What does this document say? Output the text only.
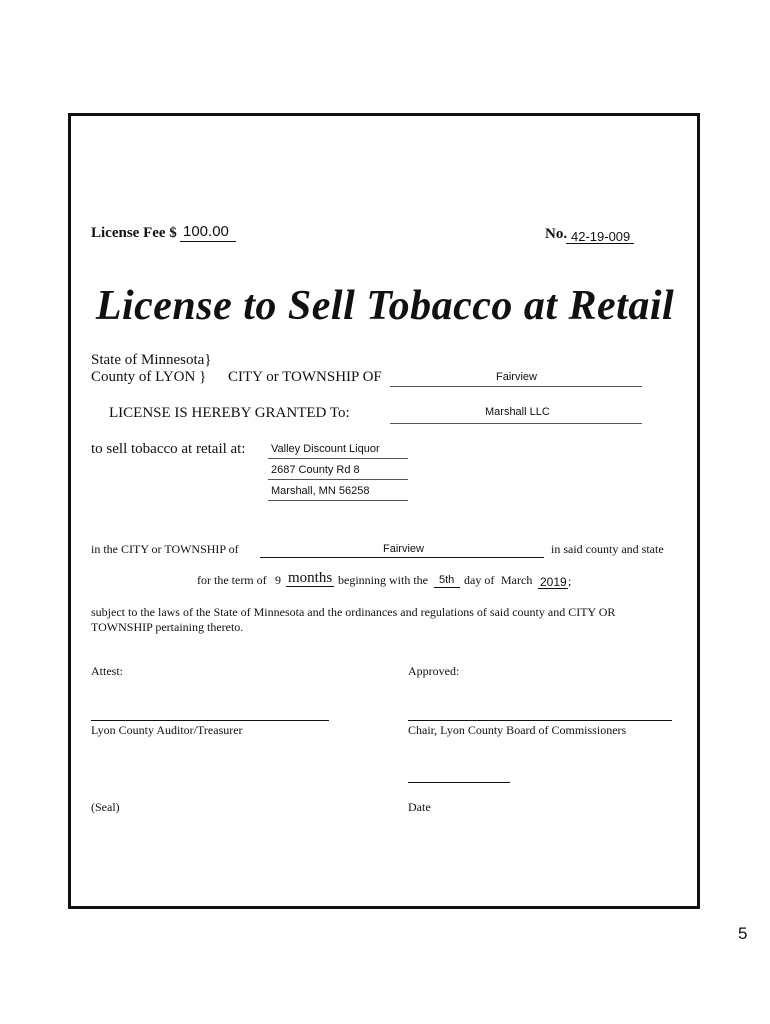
License Fee $ 100.00	No. 42-19-009
License to Sell Tobacco at Retail
State of Minnesota}
County of LYON } CITY or TOWNSHIP OF	Fairview
LICENSE IS HEREBY GRANTED To:	Marshall LLC
to sell tobacco at retail at: Valley Discount Liquor
2687 County Rd 8
Marshall, MN 56258
in the CITY or TOWNSHIP of	Fairview	in said county and state
for the term of 9 months beginning with the 5th day of March 2019 ;
subject to the laws of the State of Minnesota and the ordinances and regulations of said county and CITY OR TOWNSHIP pertaining thereto.
Attest:	Approved:
Lyon County Auditor/Treasurer	Chair, Lyon County Board of Commissioners
(Seal)	Date
5
